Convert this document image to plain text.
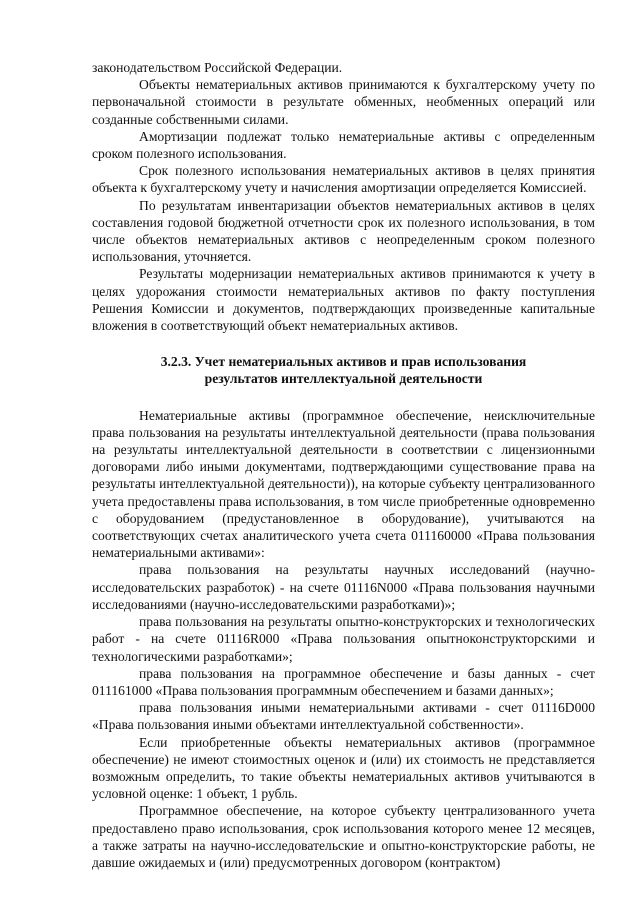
законодательством Российской Федерации.

Объекты нематериальных активов принимаются к бухгалтерскому учету по первоначальной стоимости в результате обменных, необменных операций или созданные собственными силами.

Амортизации подлежат только нематериальные активы с определенным сроком полезного использования.

Срок полезного использования нематериальных активов в целях принятия объекта к бухгалтерскому учету и начисления амортизации определяется Комиссией.

По результатам инвентаризации объектов нематериальных активов в целях составления годовой бюджетной отчетности срок их полезного использования, в том числе объектов нематериальных активов с неопределенным сроком полезного использования, уточняется.

Результаты модернизации нематериальных активов принимаются к учету в целях удорожания стоимости нематериальных активов по факту поступления Решения Комиссии и документов, подтверждающих произведенные капитальные вложения в соответствующий объект нематериальных активов.

3.2.3. Учет нематериальных активов и прав использования
результатов интеллектуальной деятельности

Нематериальные активы (программное обеспечение, неисключительные права пользования на результаты интеллектуальной деятельности (права пользования на результаты интеллектуальной деятельности в соответствии с лицензионными договорами либо иными документами, подтверждающими существование права на результаты интеллектуальной деятельности)), на которые субъекту централизованного учета предоставлены права использования, в том числе приобретенные одновременно с оборудованием (предустановленное в оборудование), учитываются на соответствующих счетах аналитического учета счета 011160000 «Права пользования нематериальными активами»:

права пользования на результаты научных исследований (научно-исследовательских разработок) - на счете 01116N000 «Права пользования научными исследованиями (научно-исследовательскими разработками)»;

права пользования на результаты опытно-конструкторских и технологических работ - на счете 01116R000 «Права пользования опытноконструкторскими и технологическими разработками»;

права пользования на программное обеспечение и базы данных - счет 011161000 «Права пользования программным обеспечением и базами данных»;

права пользования иными нематериальными активами - счет 01116D000 «Права пользования иными объектами интеллектуальной собственности».

Если приобретенные объекты нематериальных активов (программное обеспечение) не имеют стоимостных оценок и (или) их стоимость не представляется возможным определить, то такие объекты нематериальных активов учитываются в условной оценке: 1 объект, 1 рубль.

Программное обеспечение, на которое субъекту централизованного учета предоставлено право использования, срок использования которого менее 12 месяцев, а также затраты на научно-исследовательские и опытно-конструкторские работы, не давшие ожидаемых и (или) предусмотренных договором (контрактом)
